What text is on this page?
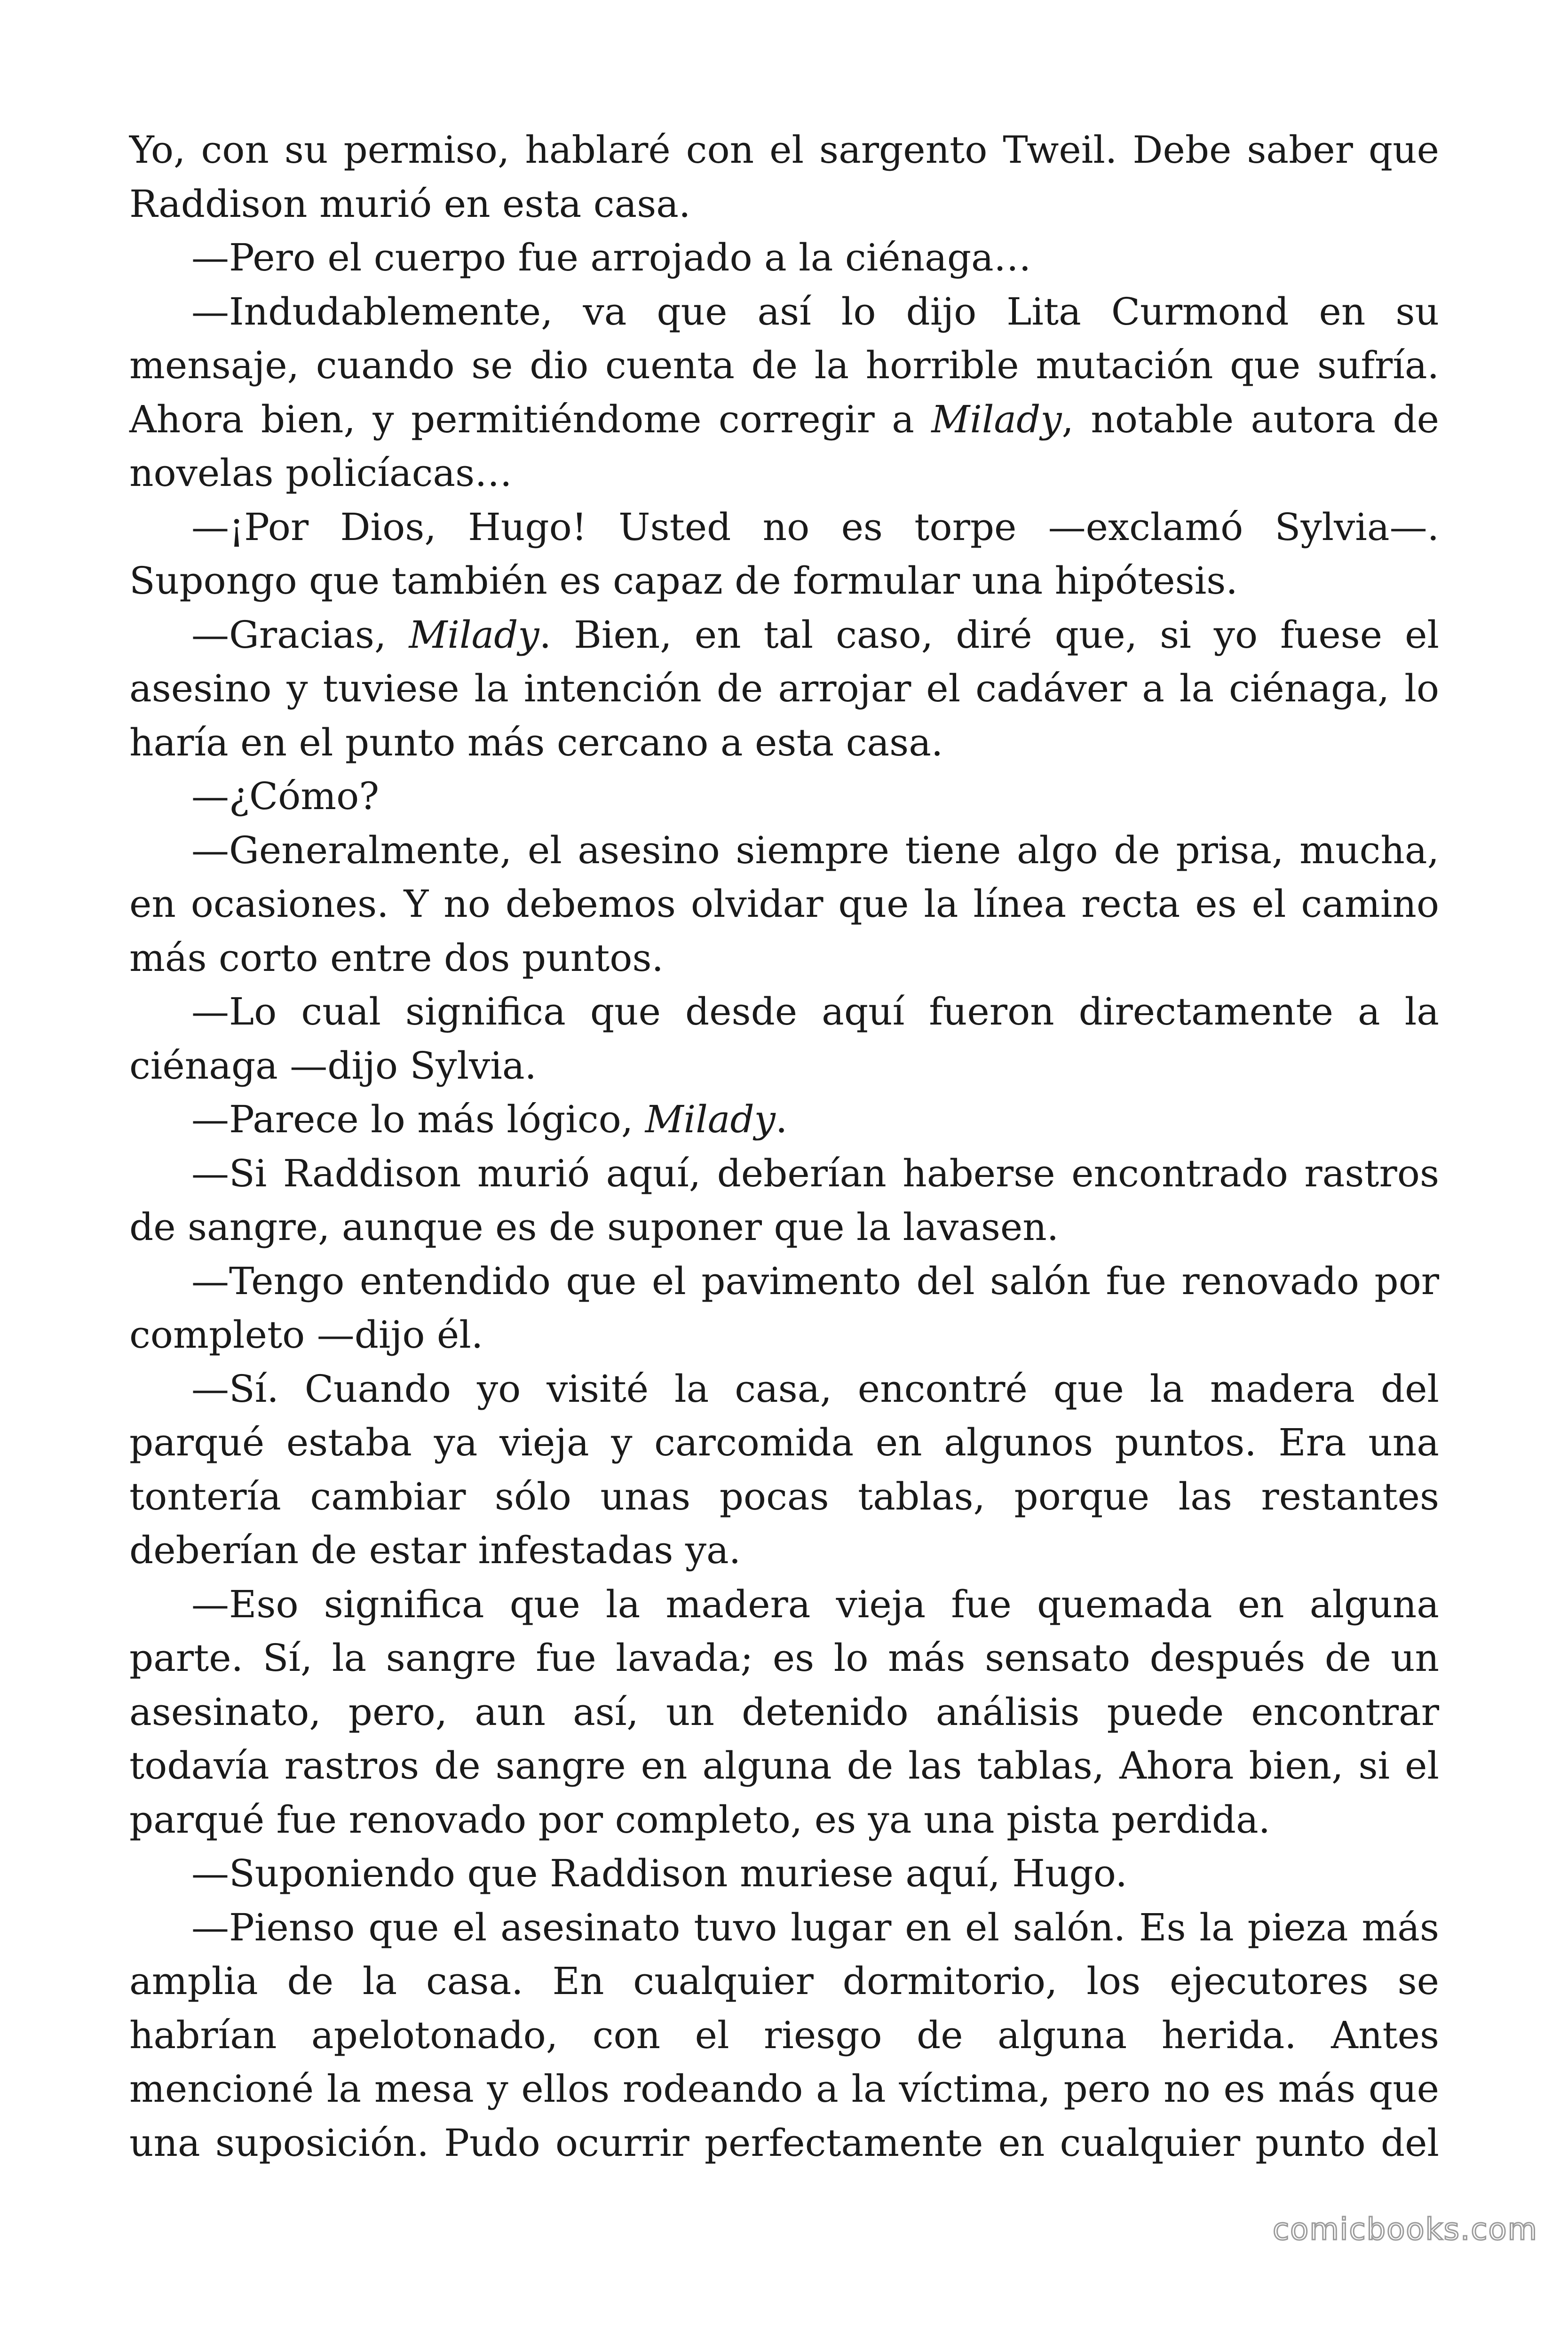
Yo, con su permiso, hablaré con el sargento Tweil. Debe saber que Raddison murió en esta casa.

—Pero el cuerpo fue arrojado a la ciénaga…

—Indudablemente, va que así lo dijo Lita Curmond en su mensaje, cuando se dio cuenta de la horrible mutación que sufría. Ahora bien, y permitiéndome corregir a Milady, notable autora de novelas policíacas…

—¡Por Dios, Hugo! Usted no es torpe —exclamó Sylvia—. Supongo que también es capaz de formular una hipótesis.

—Gracias, Milady. Bien, en tal caso, diré que, si yo fuese el asesino y tuviese la intención de arrojar el cadáver a la ciénaga, lo haría en el punto más cercano a esta casa.

—¿Cómo?

—Generalmente, el asesino siempre tiene algo de prisa, mucha, en ocasiones. Y no debemos olvidar que la línea recta es el camino más corto entre dos puntos.

—Lo cual significa que desde aquí fueron directamente a la ciénaga —dijo Sylvia.

—Parece lo más lógico, Milady.

—Si Raddison murió aquí, deberían haberse encontrado rastros de sangre, aunque es de suponer que la lavasen.

—Tengo entendido que el pavimento del salón fue renovado por completo —dijo él.

—Sí. Cuando yo visité la casa, encontré que la madera del parqué estaba ya vieja y carcomida en algunos puntos. Era una tontería cambiar sólo unas pocas tablas, porque las restantes deberían de estar infestadas ya.

—Eso significa que la madera vieja fue quemada en alguna parte. Sí, la sangre fue lavada; es lo más sensato después de un asesinato, pero, aun así, un detenido análisis puede encontrar todavía rastros de sangre en alguna de las tablas, Ahora bien, si el parqué fue renovado por completo, es ya una pista perdida.

—Suponiendo que Raddison muriese aquí, Hugo.

—Pienso que el asesinato tuvo lugar en el salón. Es la pieza más amplia de la casa. En cualquier dormitorio, los ejecutores se habrían apelotonado, con el riesgo de alguna herida. Antes mencioné la mesa y ellos rodeando a la víctima, pero no es más que una suposición. Pudo ocurrir perfectamente en cualquier punto del

comicbooks.com
